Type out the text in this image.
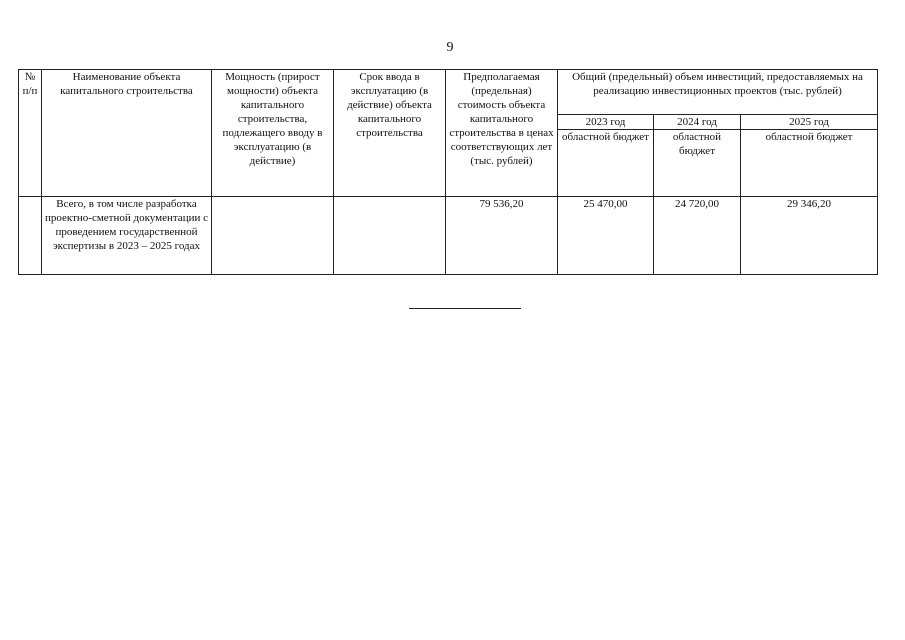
9
№ п/п	Наименование объекта капитального строительства	Мощность (прирост мощности) объекта капитального строительства, подлежащего вводу в эксплуатацию (в действие)	Срок ввода в эксплуатацию (в действие) объекта капитального строительства	Предполагаемая (предельная) стоимость объекта капитального строительства в ценах соответствующих лет (тыс. рублей)	Общий (предельный) объем инвестиций, предоставляемых на реализацию инвестиционных проектов (тыс. рублей)		
					2023 год	2024 год	2025 год
					областной бюджет	областной бюджет	областной бюджет
	Всего, в том числе разработка проектно-сметной документации с проведением государственной экспертизы в 2023 – 2025 годах			79 536,20	25 470,00	24 720,00	29 346,20
